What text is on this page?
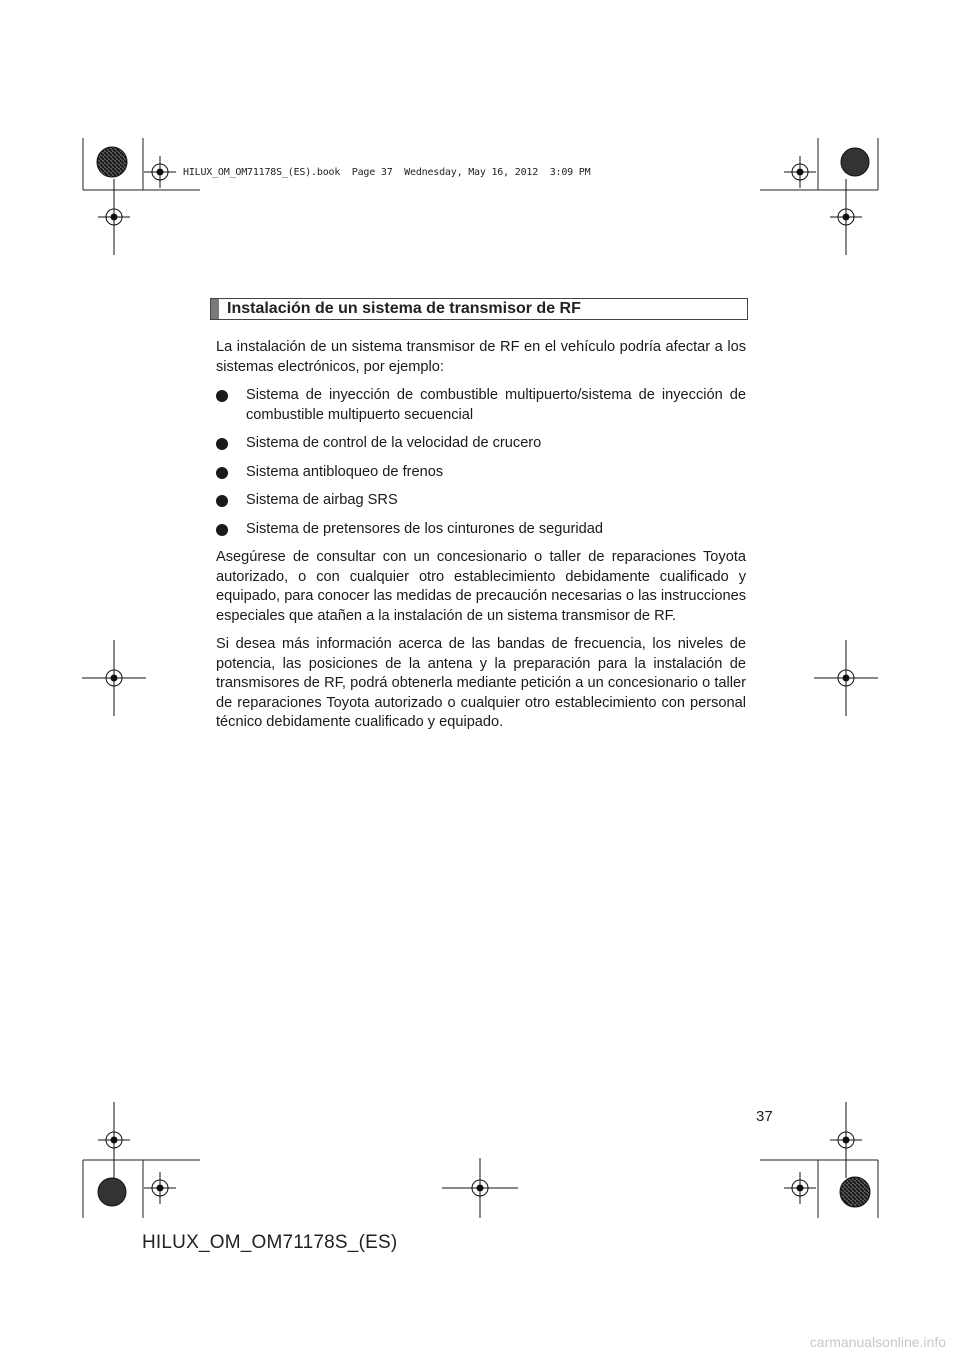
HILUX_OM_OM71178S_(ES).book  Page 37  Wednesday, May 16, 2012  3:09 PM
Instalación de un sistema de transmisor de RF

La instalación de un sistema transmisor de RF en el vehículo podría afectar a los sistemas electrónicos, por ejemplo:

Sistema de inyección de combustible multipuerto/sistema de inyección de combustible multipuerto secuencial
Sistema de control de la velocidad de crucero
Sistema antibloqueo de frenos
Sistema de airbag SRS
Sistema de pretensores de los cinturones de seguridad

Asegúrese de consultar con un concesionario o taller de reparaciones Toyota autorizado, o con cualquier otro establecimiento debidamente cualificado y equipado, para conocer las medidas de precaución necesarias o las instrucciones especiales que atañen a la instalación de un sistema transmisor de RF.

Si desea más información acerca de las bandas de frecuencia, los niveles de potencia, las posiciones de la antena y la preparación para la instalación de transmisores de RF, podrá obtenerla mediante petición a un concesionario o taller de reparaciones Toyota autorizado o cualquier otro establecimiento con personal técnico debidamente cualificado y equipado.

37
HILUX_OM_OM71178S_(ES)
carmanualsonline.info
